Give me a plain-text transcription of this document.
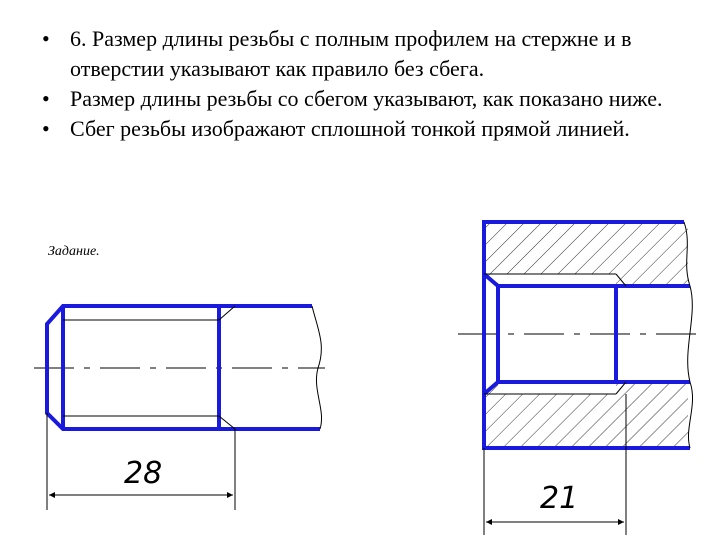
• 6. Размер длины резьбы с полным профилем на стержне и в отверстии указывают как правило без сбега.
• Размер длины резьбы со сбегом указывают, как показано ниже.
• Сбег резьбы изображают сплошной тонкой прямой линией.
Задание.
28
21
